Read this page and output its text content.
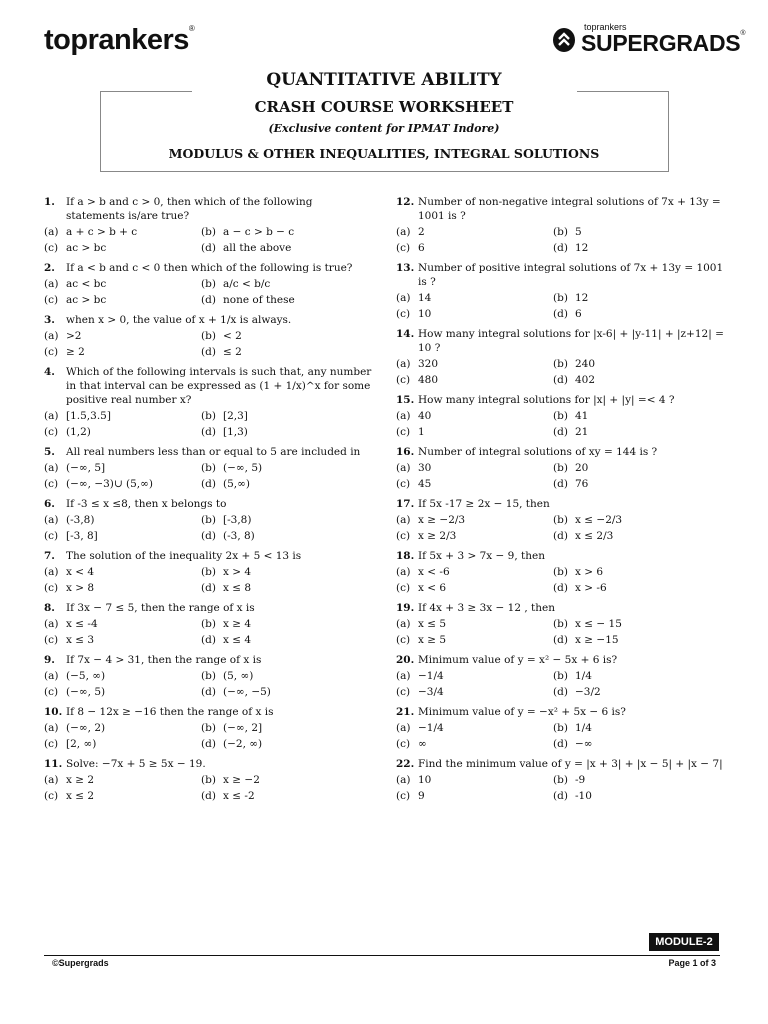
toprankers®	toprankers
SUPERGRADS®
QUANTITATIVE ABILITY
CRASH COURSE WORKSHEET
(Exclusive content for IPMAT Indore)
MODULUS & OTHER INEQUALITIES, INTEGRAL SOLUTIONS
1.	If a > b and c > 0, then which of the following statements is/are true?
(a) a + c > b + c	(b) a − c > b − c
(c) ac > bc	(d) all the above
2.	If a < b and c < 0 then which of the following is true?
(a) ac < bc	(b) a/c < b/c
(c) ac > bc	(d) none of these
3.	when x > 0, the value of x + 1/x is always.
(a) >2	(b) < 2
(c) ≥ 2	(d) ≤ 2
4.	Which of the following intervals is such that, any number in that interval can be expressed as (1 + 1/x)^x for some positive real number x?
(a) [1.5,3.5]	(b) [2,3]
(c) (1,2)	(d) [1,3)
5.	All real numbers less than or equal to 5 are included in
(a) (−∞, 5]	(b) (−∞, 5)
(c) (−∞, −3)∪ (5,∞)	(d) (5,∞)
6.	If -3 ≤ x ≤8, then x belongs to
(a) (-3,8)	(b) [-3,8)
(c) [-3, 8]	(d) (-3, 8)
7.	The solution of the inequality 2x + 5 < 13 is
(a) x < 4	(b) x > 4
(c) x > 8	(d) x ≤ 8
8.	If 3x − 7 ≤ 5, then the range of x is
(a) x ≤ -4	(b) x ≥ 4
(c) x ≤ 3	(d) x ≤ 4
9.	If 7x − 4 > 31, then the range of x is
(a) (−5, ∞)	(b) (5, ∞)
(c) (−∞, 5)	(d) (−∞, −5)
10. If 8 − 12x ≥ −16 then the range of x is
(a) (−∞, 2)	(b) (−∞, 2]
(c) [2, ∞)	(d) (−2, ∞)
11. Solve: −7x + 5 ≥ 5x − 19.
(a) x ≥ 2	(b) x ≥ −2
(c) x ≤ 2	(d) x ≤ -2
12. Number of non-negative integral solutions of 7x + 13y = 1001 is ?
(a) 2	(b) 5
(c) 6	(d) 12
13. Number of positive integral solutions of 7x + 13y = 1001 is ?
(a) 14	(b) 12
(c) 10	(d) 6
14. How many integral solutions for |x-6| + |y-11| + |z+12| = 10 ?
(a) 320	(b) 240
(c) 480	(d) 402
15. How many integral solutions for |x| + |y| =< 4 ?
(a) 40	(b) 41
(c) 1	(d) 21
16. Number of integral solutions of xy = 144 is ?
(a) 30	(b) 20
(c) 45	(d) 76
17. If 5x -17 ≥ 2x − 15, then
(a) x ≥ −2/3	(b) x ≤ −2/3
(c) x ≥ 2/3	(d) x ≤ 2/3
18. If 5x + 3 > 7x − 9, then
(a) x < -6	(b) x > 6
(c) x < 6	(d) x > -6
19. If 4x + 3 ≥ 3x − 12 , then
(a) x ≤ 5	(b) x ≤ − 15
(c) x ≥ 5	(d) x ≥ −15
20. Minimum value of y = x² − 5x + 6 is?
(a) −1/4	(b) 1/4
(c) −3/4	(d) −3/2
21. Minimum value of y = −x² + 5x − 6 is?
(a) −1/4	(b) 1/4
(c) ∞	(d) −∞
22. Find the minimum value of y = |x + 3| + |x − 5| + |x − 7|
(a) 10	(b) -9
(c) 9	(d) -10
MODULE-2
©Supergrads	Page 1 of 3
